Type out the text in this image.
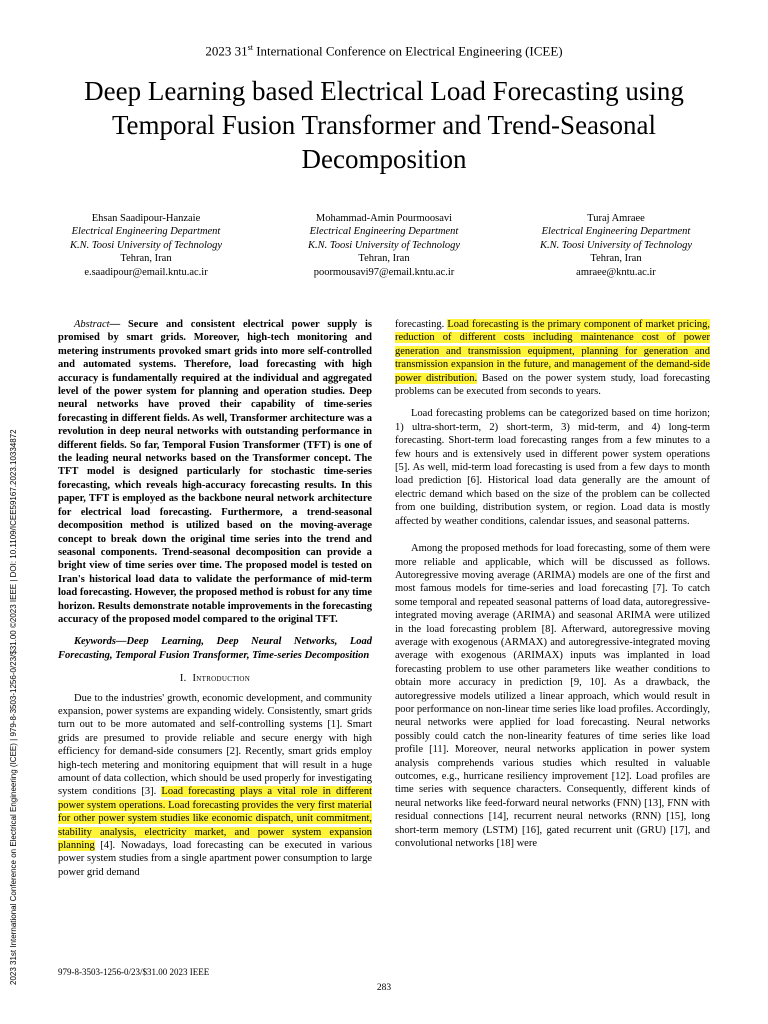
2023 31st International Conference on Electrical Engineering (ICEE)
Deep Learning based Electrical Load Forecasting using Temporal Fusion Transformer and Trend-Seasonal Decomposition
Ehsan Saadipour-Hanzaie
Electrical Engineering Department
K.N. Toosi University of Technology
Tehran, Iran
e.saadipour@email.kntu.ac.ir
Mohammad-Amin Pourmoosavi
Electrical Engineering Department
K.N. Toosi University of Technology
Tehran, Iran
poormousavi97@email.kntu.ac.ir
Turaj Amraee
Electrical Engineering Department
K.N. Toosi University of Technology
Tehran, Iran
amraee@kntu.ac.ir
2023 31st International Conference on Electrical Engineering (ICEE) | 979-8-3503-1256-0/23/$31.00 ©2023 IEEE | DOI: 10.1109/ICEE59167.2023.10334872

Abstract— Secure and consistent electrical power supply is promised by smart grids. Moreover, high-tech monitoring and metering instruments provoked smart grids into more self-controlled and automated systems. Therefore, load forecasting with high accuracy is fundamentally required at the individual and aggregated level of the power system for planning and operation studies. Deep neural networks have proved their capability of time-series forecasting in different fields. As well, Transformer architecture was a revolution in deep neural networks with outstanding performance in different fields. So far, Temporal Fusion Transformer (TFT) is one of the leading neural networks based on the Transformer concept. The TFT model is designed particularly for stochastic time-series forecasting, which reveals high-accuracy forecasting results. In this paper, TFT is employed as the backbone neural network architecture for electrical load forecasting. Furthermore, a trend-seasonal decomposition method is utilized based on the moving-average concept to break down the original time series into the trend and seasonal components. Trend-seasonal decomposition can provide a bright view of time series over time. The proposed model is tested on Iran's historical load data to validate the performance of mid-term load forecasting. However, the proposed method is robust for any time horizon. Results demonstrate notable improvements in the forecasting accuracy of the proposed model compared to the original TFT.

Keywords—Deep Learning, Deep Neural Networks, Load Forecasting, Temporal Fusion Transformer, Time-series Decomposition

I. Introduction

Due to the industries' growth, economic development, and community expansion, power systems are expanding widely. Consistently, smart grids turn out to be more automated and self-controlling systems [1]. Smart grids are presumed to provide reliable and secure energy with high efficiency for demand-side consumers [2]. Recently, smart grids employ high-tech metering and monitoring equipment that will result in a huge amount of data collection, which should be used properly for investigating system conditions [3]. Load forecasting plays a vital role in different power system operations. Load forecasting provides the very first material for other power system studies like economic dispatch, unit commitment, stability analysis, electricity market, and power system expansion planning [4]. Nowadays, load forecasting can be executed in various power system studies from a single apartment power consumption to large power grid demand

forecasting. Load forecasting is the primary component of market pricing, reduction of different costs including maintenance cost of power generation and transmission equipment, planning for generation and transmission expansion in the future, and management of the demand-side power distribution. Based on the power system study, load forecasting problems can be executed from seconds to years.

Load forecasting problems can be categorized based on time horizon; 1) ultra-short-term, 2) short-term, 3) mid-term, and 4) long-term forecasting. Short-term load forecasting ranges from a few minutes to a few hours and is extensively used in different power system operations [5]. As well, mid-term load forecasting is used from a few days to month load prediction [6]. Historical load data generally are the amount of electric demand which based on the size of the problem can be collected from one building, distribution system, or region. Load data is mostly affected by weather conditions, calendar issues, and seasonal patterns.

Among the proposed methods for load forecasting, some of them were more reliable and applicable, which will be discussed as follows. Autoregressive moving average (ARIMA) models are one of the first and most famous models for time-series and load forecasting [7]. To catch some temporal and repeated seasonal patterns of load data, autoregressive-integrated moving average (ARIMA) and seasonal ARIMA were utilized in the load forecasting problem [8]. Afterward, autoregressive moving average with exogenous (ARMAX) and autoregressive-integrated moving average with exogenous (ARIMAX) inputs was implanted in load forecasting problem to use other parameters like weather conditions to obtain more accuracy in prediction [9, 10]. As a drawback, the autoregressive models utilized a linear approach, which would result in poor performance on non-linear time series like load profiles. Accordingly, neural networks were applied for load forecasting. Neural networks possibly could catch the non-linearity features of time series like load profile [11]. Moreover, neural networks application in power system analysis comprehends various studies which resulted in valuable outcomes, e.g., hurricane resiliency improvement [12]. Load profiles are time series with sequence characters. Consequently, different kinds of neural networks like feed-forward neural networks (FNN) [13], FNN with residual connections [14], recurrent neural networks (RNN) [15], long short-term memory (LSTM) [16], gated recurrent unit (GRU) [17], and convolutional networks [18] were

979-8-3503-1256-0/23/$31.00 2023 IEEE
283
